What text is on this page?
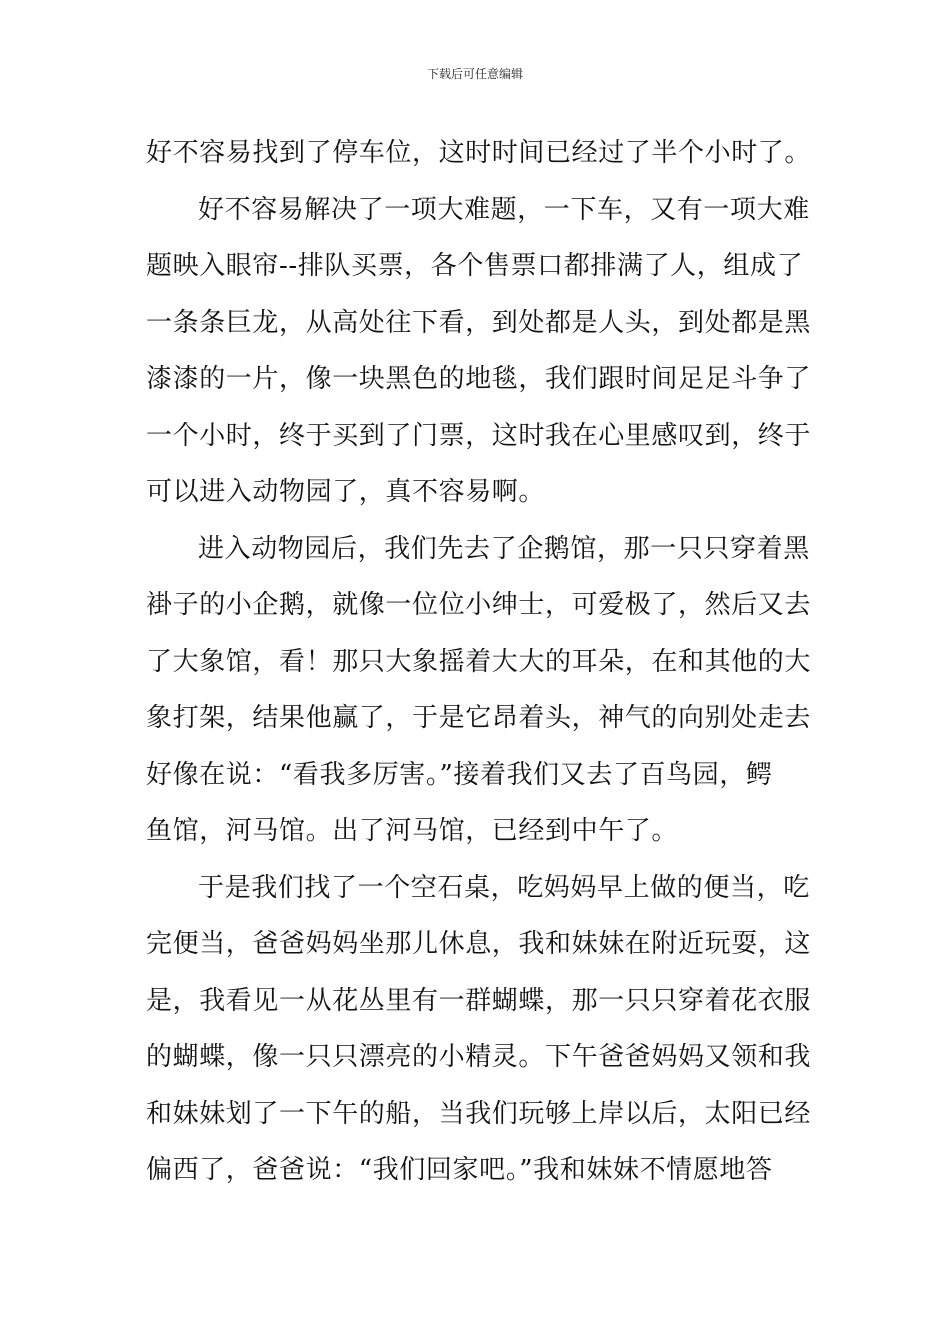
下载后可任意编辑
好不容易找到了停车位，这时时间已经过了半个小时了。
好不容易解决了一项大难题，一下车，又有一项大难
题映入眼帘--排队买票，各个售票口都排满了人，组成了
一条条巨龙，从高处往下看，到处都是人头，到处都是黑
漆漆的一片，像一块黑色的地毯，我们跟时间足足斗争了
一个小时，终于买到了门票，这时我在心里感叹到，终于
可以进入动物园了，真不容易啊。
进入动物园后，我们先去了企鹅馆，那一只只穿着黑
褂子的小企鹅，就像一位位小绅士，可爱极了，然后又去
了大象馆，看！那只大象摇着大大的耳朵，在和其他的大
象打架，结果他赢了，于是它昂着头，神气的向别处走去
好像在说：“看我多厉害。”接着我们又去了百鸟园，鳄
鱼馆，河马馆。出了河马馆，已经到中午了。
于是我们找了一个空石桌，吃妈妈早上做的便当，吃
完便当，爸爸妈妈坐那儿休息，我和妹妹在附近玩耍，这
是，我看见一从花丛里有一群蝴蝶，那一只只穿着花衣服
的蝴蝶，像一只只漂亮的小精灵。下午爸爸妈妈又领和我
和妹妹划了一下午的船，当我们玩够上岸以后，太阳已经
偏西了，爸爸说：“我们回家吧。”我和妹妹不情愿地答
